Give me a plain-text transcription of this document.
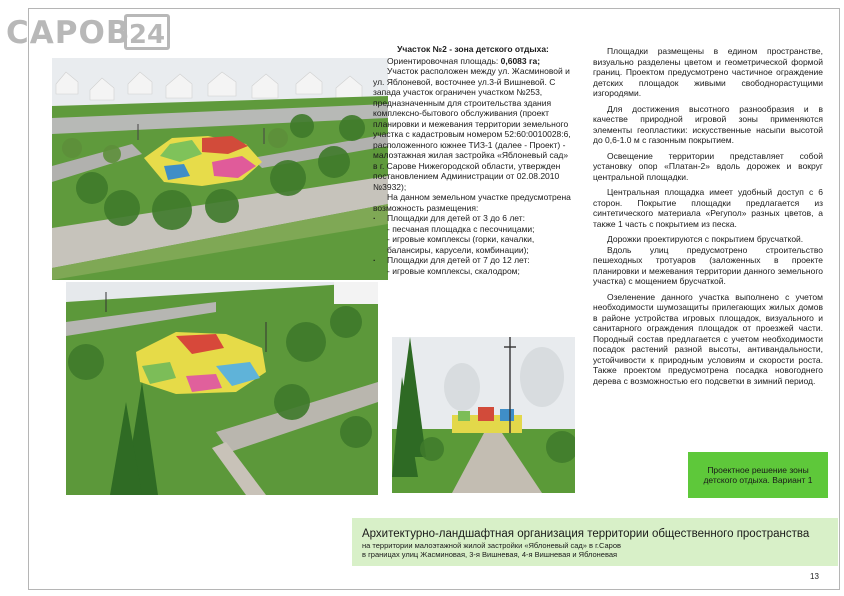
САРОВ
24	Участок №2 - зона детского отдыха:

Ориентировочная площадь: 0,6083 га;

Участок расположен между ул. Жасминовой и ул. Яблоневой, восточнее ул.3-й Вишневой. С запада участок ограничен участком №253, предназначенным для строительства здания комплексно-бытового обслуживания (проект планировки и межевания территории земельного участка с кадастровым номером 52:60:0010028:6, расположенного южнее ТИЗ-1 (далее - Проект) - малоэтажная жилая застройка «Яблоневый сад» в г. Сарове Нижегородской области, утвержден постановлением Администрации от 02.08.2010 №3932);

На данном земельном участке предусмотрена возможность размещения:

· Площадки для детей от 3 до 6 лет:

- песчаная площадка с песочницами;

- игровые комплексы (горки, качалки, балансиры, карусели, комбинации);

· Площадки для детей от 7 до 12 лет:

- игровые комплексы, скалодром;

Площадки размещены в едином пространстве, визуально разделены цветом и геометрической формой границ. Проектом предусмотрено частичное ограждение детских площадок живыми свободнорастущими изгородями.

Для достижения высотного разнообразия и в качестве природной игровой зоны применяются элементы геопластики: искусственные насыпи высотой до 0,6-1.0 м с газонным покрытием.

Освещение территории представляет собой установку опор «Платан-2» вдоль дорожек и вокруг центральной площадки.

Центральная площадка имеет удобный доступ с 6 сторон. Покрытие площадки предлагается из синтетического материала «Регупол» разных цветов, а также 1 часть с покрытием из песка.

Дорожки проектируются с покрытием брусчаткой.

Вдоль улиц предусмотрено строительство пешеходных тротуаров (заложенных в проекте планировки и межевания территории данного земельного участка) с мощением брусчаткой.

Озеленение данного участка выполнено с учетом необходимости шумозащиты прилегающих жилых домов в районе устройства игровых площадок, визуального и санитарного ограждения площадок от проезжей части. Породный состав предлагается с учетом необходимости посадок растений разной высоты, антивандальности, устойчивости к природным условиям и скорости роста. Также проектом предусмотрена посадка новогоднего дерева с возможностью его подсветки в зимний период.

Проектное решение зоны детского отдыха. Вариант 1
Архитектурно-ландшафтная организация территории общественного пространства
на территории малоэтажной жилой застройки «Яблоневый сад» в г.Саров
в границах улиц Жасминовая, 3-я Вишневая, 4-я Вишневая и Яблоневая
13
